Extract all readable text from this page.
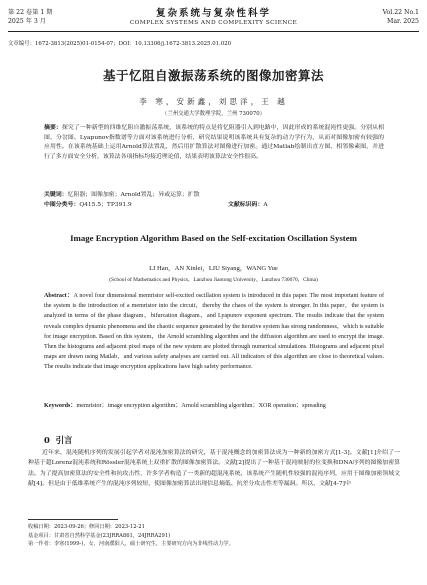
第 22 卷第 1 期
2025 年 3 月
复杂系统与复杂性科学
COMPLEX SYSTEMS AND COMPLEXITY SCIENCE
Vol.22 No.1
Mar. 2025
文章编号：1672-3813(2025)01-0154-07；DOI：10.13306/j.1672-3813.2025.01.020
基于忆阻自激振荡系统的图像加密算法
李 寒，安新鑫，刘思洋，王 越
（兰州交通大学数理学院，兰州 730070）
摘要：探究了一种新型的四维忆阻自激振荡系统，该系统的特点是将忆阻器引入到电路中，因此形成的系统混沌性更强。分别从相图、分岔图、Lyapunov指数谱等方面对该系统进行分析，研究结果说明该系统具有复杂的动力学行为，从而对图像加密有较强的应用性。在该系统基础上运用Arnold算法置乱，然后用扩散算法对图像进行加密。通过Matlab绘制出直方图、相邻像素图，并进行了多方面安全分析，该算法各项指标均接近理论值，结果表明该算法安全性很高。
关键词：忆阻器；图像加密；Arnold置乱；异或运算；扩散
中图分类号：Q415.5；TP391.9	文献标识码：A
Image Encryption Algorithm Based on the Self-excitation Oscillation System
LI Han，AN Xinlei，LIU Siyang，WANG Yue
(School of Mathematics and Physics，Lanzhou Jiaotong University，Lanzhou 730070，China)
Abstract：A novel four dimensional memristor self-excited oscillation system is introduced in this paper. The most important feature of the system is the introduction of a memristor into the circuit，thereby the chaos of the system is stronger. In this paper，the system is analyzed in terms of the phase diagram，bifurcation diagram，and Lyapunov exponent spectrum. The results indicate that the system reveals complex dynamic phenomena and the chaotic sequence generated by the iterative system has strong randomness，which is suitable for image encryption. Based on this system，the Arnold scrambling algorithm and the diffusion algorithm are used to encrypt the image. Then the histograms and adjacent pixel maps of the new system are plotted through numerical simulations. Histograms and adjacent pixel maps are drawn using Matlab，and various safety analyses are carried out. All indicators of this algorithm are close to theoretical values. The results indicate that image encryption applications have high safety performance.
Keywords：memristor；image encryption algorithm；Arnold scrambling algorithm；XOR operation；spreading
0 引言
近年来，混沌随机序列的发展引起学者对混沌加密算法的研究，基于混沌概念的加密算法成为一种新的加密方式[1-3]。文献[1]介绍了一种基于超Lorenz混沌系统和Rössler混沌系统上双重扩散的图像加密算法。文献[2]提出了一种基于混沌映射的位变换和DNA序列的图像加密算法。为了提高加密算法的安全性和抗攻击性，许多学者构造了一类新的超混沌系统，该系统产生随机性较强的混沌序列，应用于图像加密领域文献[4]。但是由于低维系统产生的混沌序列较短，使图像加密算法出现信息熵低、抗差分攻击性差等漏洞。所以，文献[4-7]中
收稿日期：2023-09-26；修回日期：2023-12-21
基金项目：甘肃省自然科学基金(23JRRA861，24JRRA291)
第一作者：李寒(1999-)，女，河南濮阳人，硕士研究生，主要研究方向为非线性动力学。
